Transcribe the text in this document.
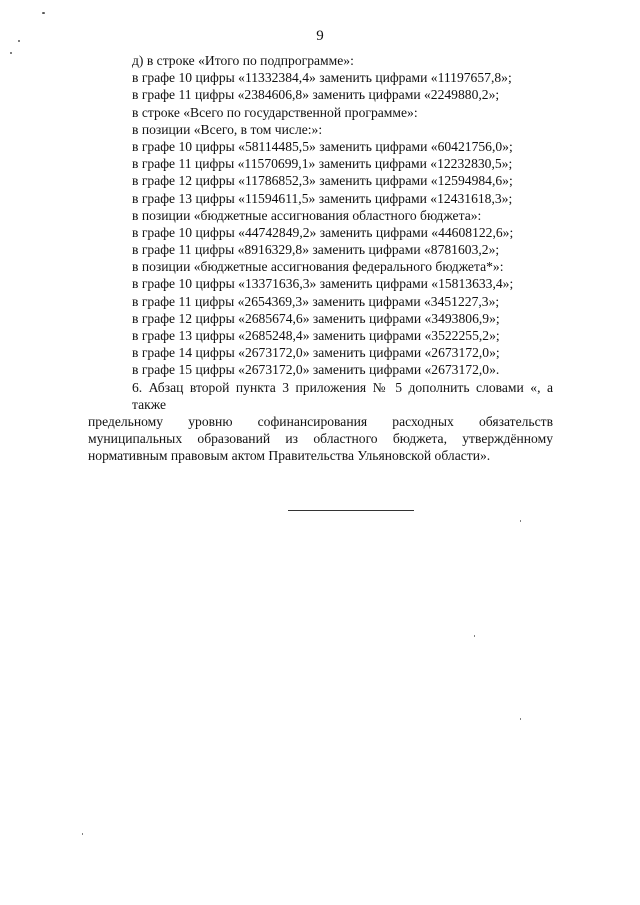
9
д) в строке «Итого по подпрограмме»:
в графе 10 цифры «11332384,4» заменить цифрами «11197657,8»;
в графе 11 цифры «2384606,8» заменить цифрами «2249880,2»;
в строке «Всего по государственной программе»:
в позиции «Всего, в том числе:»:
в графе 10 цифры «58114485,5» заменить цифрами «60421756,0»;
в графе 11 цифры «11570699,1» заменить цифрами «12232830,5»;
в графе 12 цифры «11786852,3» заменить цифрами «12594984,6»;
в графе 13 цифры «11594611,5» заменить цифрами «12431618,3»;
в позиции «бюджетные ассигнования областного бюджета»:
в графе 10 цифры «44742849,2» заменить цифрами «44608122,6»;
в графе 11 цифры «8916329,8» заменить цифрами «8781603,2»;
в позиции «бюджетные ассигнования федерального бюджета*»:
в графе 10 цифры «13371636,3» заменить цифрами «15813633,4»;
в графе 11 цифры «2654369,3» заменить цифрами «3451227,3»;
в графе 12 цифры «2685674,6» заменить цифрами «3493806,9»;
в графе 13 цифры «2685248,4» заменить цифрами «3522255,2»;
в графе 14 цифры «2673172,0» заменить цифрами «2673172,0»;
в графе 15 цифры «2673172,0» заменить цифрами «2673172,0».
6. Абзац второй пункта 3 приложения № 5 дополнить словами «, а также
предельному уровню софинансирования расходных обязательств
муниципальных образований из областного бюджета, утверждённому
нормативным правовым актом Правительства Ульяновской области».
